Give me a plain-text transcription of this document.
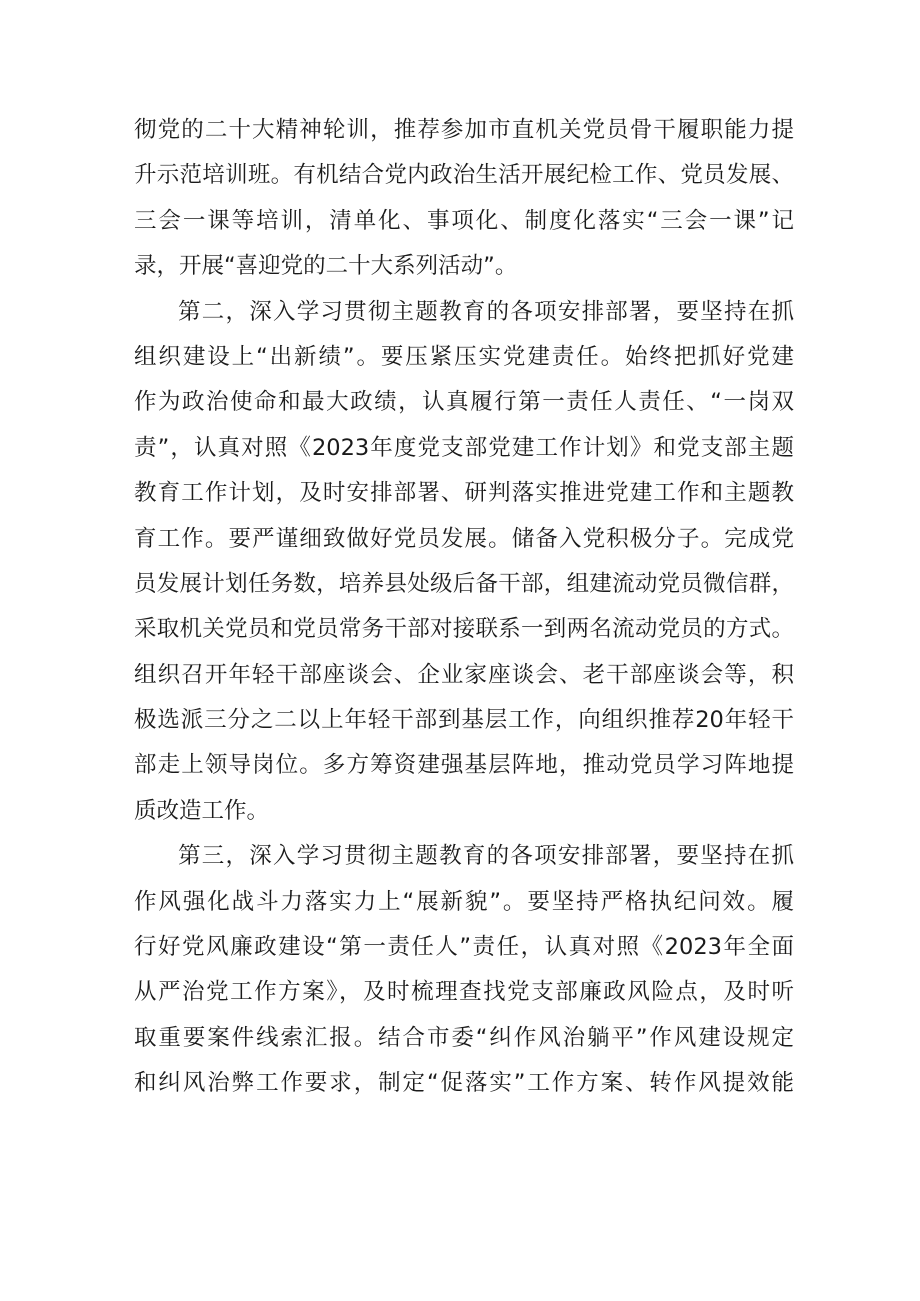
彻党的二十大精神轮训，推荐参加市直机关党员骨干履职能力提
升示范培训班。有机结合党内政治生活开展纪检工作、党员发展、
三会一课等培训，清单化、事项化、制度化落实“三会一课”记
录，开展“喜迎党的二十大系列活动”。
第二，深入学习贯彻主题教育的各项安排部署，要坚持在抓
组织建设上“出新绩”。要压紧压实党建责任。始终把抓好党建
作为政治使命和最大政绩，认真履行第一责任人责任、“一岗双
责”，认真对照《2023年度党支部党建工作计划》和党支部主题
教育工作计划，及时安排部署、研判落实推进党建工作和主题教
育工作。要严谨细致做好党员发展。储备入党积极分子。完成党
员发展计划任务数，培养县处级后备干部，组建流动党员微信群，
采取机关党员和党员常务干部对接联系一到两名流动党员的方式。
组织召开年轻干部座谈会、企业家座谈会、老干部座谈会等，积
极选派三分之二以上年轻干部到基层工作，向组织推荐20年轻干
部走上领导岗位。多方筹资建强基层阵地，推动党员学习阵地提
质改造工作。
第三，深入学习贯彻主题教育的各项安排部署，要坚持在抓
作风强化战斗力落实力上“展新貌”。要坚持严格执纪问效。履
行好党风廉政建设“第一责任人”责任，认真对照《2023年全面
从严治党工作方案》，及时梳理查找党支部廉政风险点，及时听
取重要案件线索汇报。结合市委“纠作风治躺平”作风建设规定
和纠风治弊工作要求，制定“促落实”工作方案、转作风提效能
